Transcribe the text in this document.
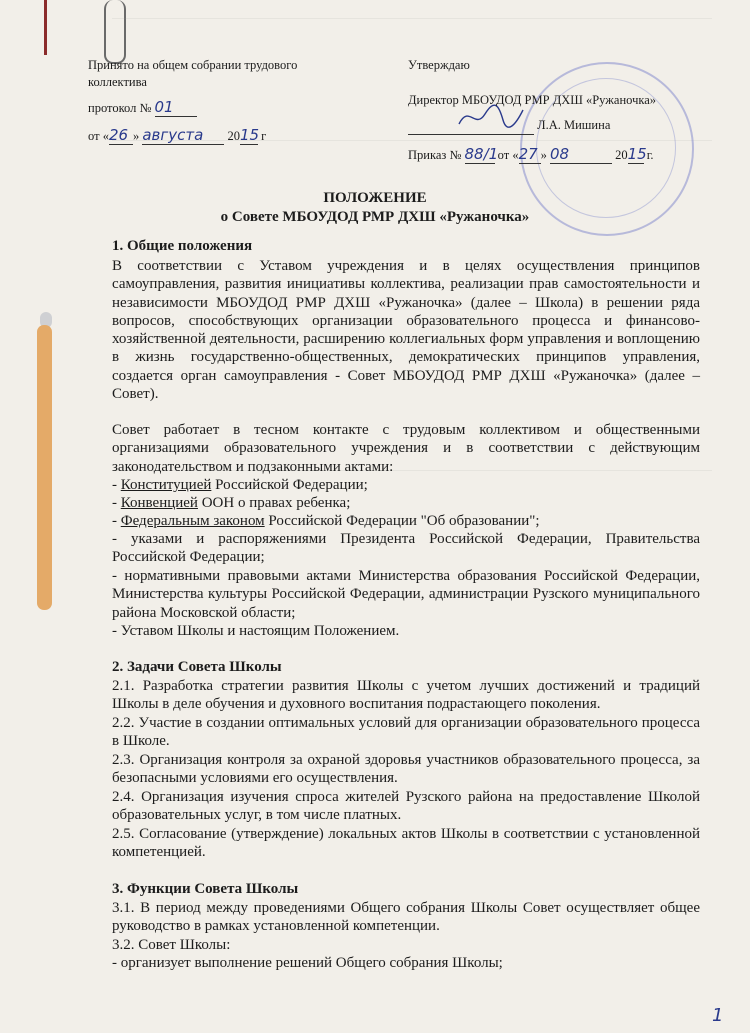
Принято на общем собрании трудового
коллектива
протокол № 01
от «26 » августа 2015 г
Утверждаю
Директор МБОУДОД РМР ДХШ «Ружаночка»
Л.А. Мишина
Приказ № 88/1 от «27 » 08	2015 г.
ПОЛОЖЕНИЕ
о Совете МБОУДОД РМР ДХШ «Ружаночка»
1. Общие положения
В соответствии с Уставом учреждения и в целях осуществления принципов самоуправления, развития инициативы коллектива, реализации прав самостоятельности и независимости МБОУДОД РМР ДХШ «Ружаночка» (далее – Школа) в решении ряда вопросов, способствующих организации образовательного процесса и финансово-хозяйственной деятельности, расширению коллегиальных форм управления и воплощению в жизнь государственно-общественных, демократических принципов управления, создается орган самоуправления - Совет МБОУДОД РМР ДХШ «Ружаночка» (далее – Совет).
Совет работает в тесном контакте с трудовым коллективом и общественными организациями образовательного учреждения и в соответствии с действующим законодательством и подзаконными актами:
- Конституцией Российской Федерации;
- Конвенцией ООН о правах ребенка;
- Федеральным законом Российской Федерации "Об образовании";
- указами и распоряжениями Президента Российской Федерации, Правительства Российской Федерации;
- нормативными правовыми актами Министерства образования Российской Федерации, Министерства культуры Российской Федерации, администрации Рузского муниципального района Московской области;
- Уставом Школы и настоящим Положением.
2. Задачи Совета Школы
2.1. Разработка стратегии развития Школы с учетом лучших достижений и традиций Школы в деле обучения и духовного воспитания подрастающего поколения.
2.2. Участие в создании оптимальных условий для организации образовательного процесса в Школе.
2.3. Организация контроля за охраной здоровья участников образовательного процесса, за безопасными условиями его осуществления.
2.4. Организация изучения спроса жителей Рузского района на предоставление Школой образовательных услуг, в том числе платных.
2.5. Согласование (утверждение) локальных актов Школы в соответствии с установленной компетенцией.
3. Функции Совета Школы
3.1. В период между проведениями Общего собрания Школы Совет осуществляет общее руководство в рамках установленной компетенции.
3.2. Совет Школы:
- организует выполнение решений Общего собрания Школы;
1
